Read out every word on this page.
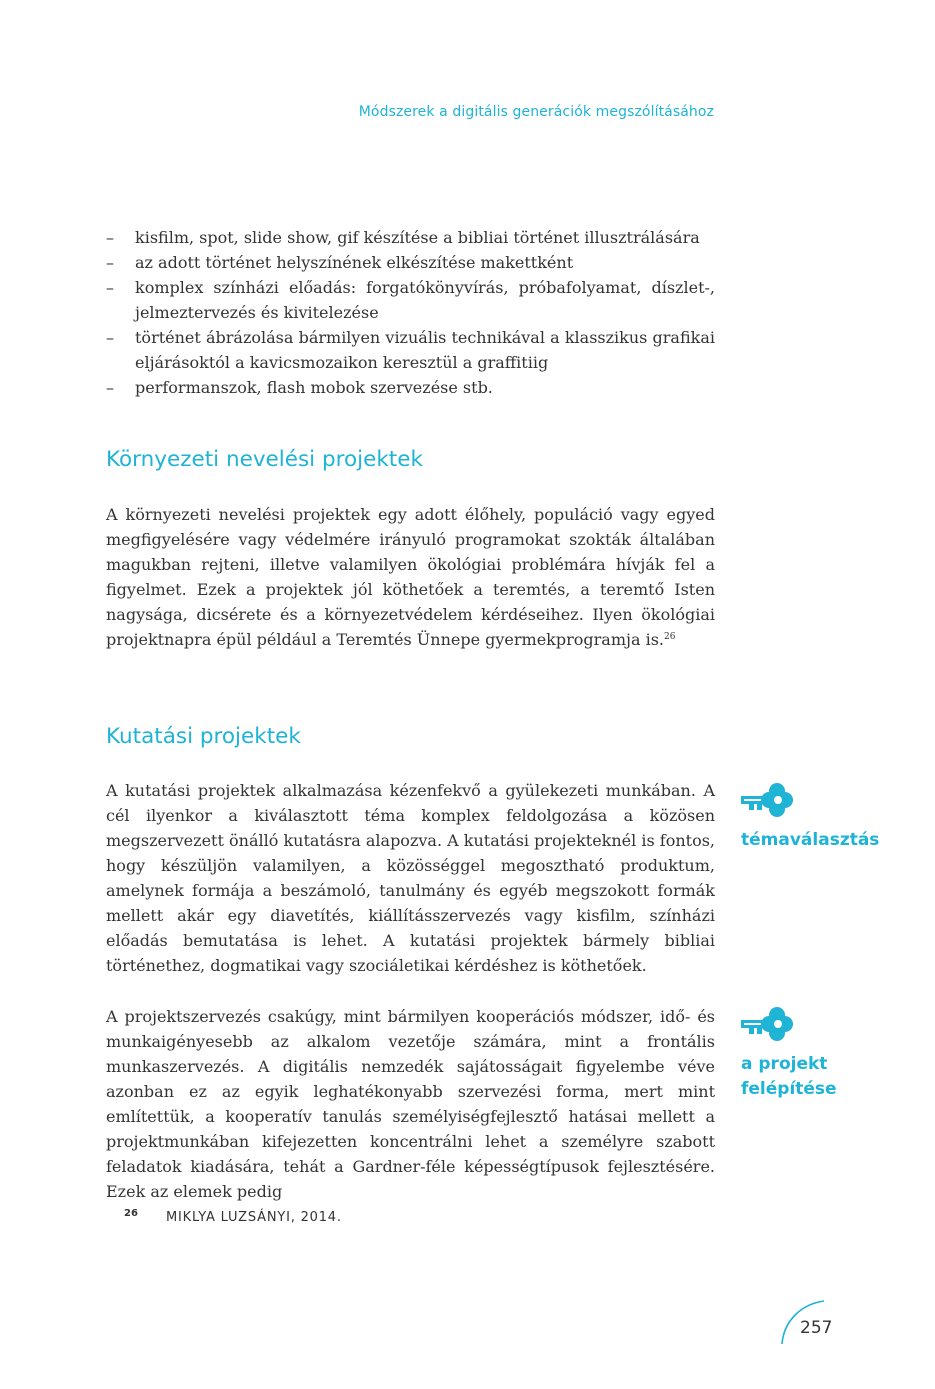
Módszerek a digitális generációk megszólításához
– kisfilm, spot, slide show, gif készítése a bibliai történet illusztrálására
– az adott történet helyszínének elkészítése makettként
– komplex színházi előadás: forgatókönyvírás, próbafolyamat, díszlet-, jelmeztervezés és kivitelezése
– történet ábrázolása bármilyen vizuális technikával a klasszikus grafikai eljárásoktól a kavicsmozaikon keresztül a graffitiig
– performanszok, flash mobok szervezése stb.
Környezeti nevelési projektek

A környezeti nevelési projektek egy adott élőhely, populáció vagy egyed megfigyelésére vagy védelmére irányuló programokat szokták általában magukban rejteni, illetve valamilyen ökológiai problémára hívják fel a figyelmet. Ezek a projektek jól köthetőek a teremtés, a teremtő Isten nagysága, dicsérete és a környezetvédelem kérdéseihez. Ilyen ökológiai projektnapra épül például a Teremtés Ünnepe gyermekprogramja is.$^{26}$

Kutatási projektek

A kutatási projektek alkalmazása kézenfekvő a gyülekezeti munkában. A cél ilyenkor a kiválasztott téma komplex feldolgozása a közösen megszervezett önálló kutatásra alapozva. A kutatási projekteknél is fontos, hogy készüljön valamilyen, a közösséggel megosztható produktum, amelynek formája a beszámoló, tanulmány és egyéb megszokott formák mellett akár egy diavetítés, kiállításszervezés vagy kisfilm, színházi előadás bemutatása is lehet. A kutatási projektek bármely bibliai történethez, dogmatikai vagy szociáletikai kérdéshez is köthetőek.

A projektszervezés csakúgy, mint bármilyen kooperációs módszer, idő- és munkaigényesebb az alkalom vezetője számára, mint a frontális munkaszervezés. A digitális nemzedék sajátosságait figyelembe véve azonban ez az egyik leghatékonyabb szervezési forma, mert mint említettük, a kooperatív tanulás személyiségfejlesztő hatásai mellett a projektmunkában kifejezetten koncentrálni lehet a személyre szabott feladatok kiadására, tehát a Gardner-féle képességtípusok fejlesztésére. Ezek az elemek pedig

témaválasztás
a projekt
felépítése
26 MIKLYA LUZSÁNYI, 2014.
257
